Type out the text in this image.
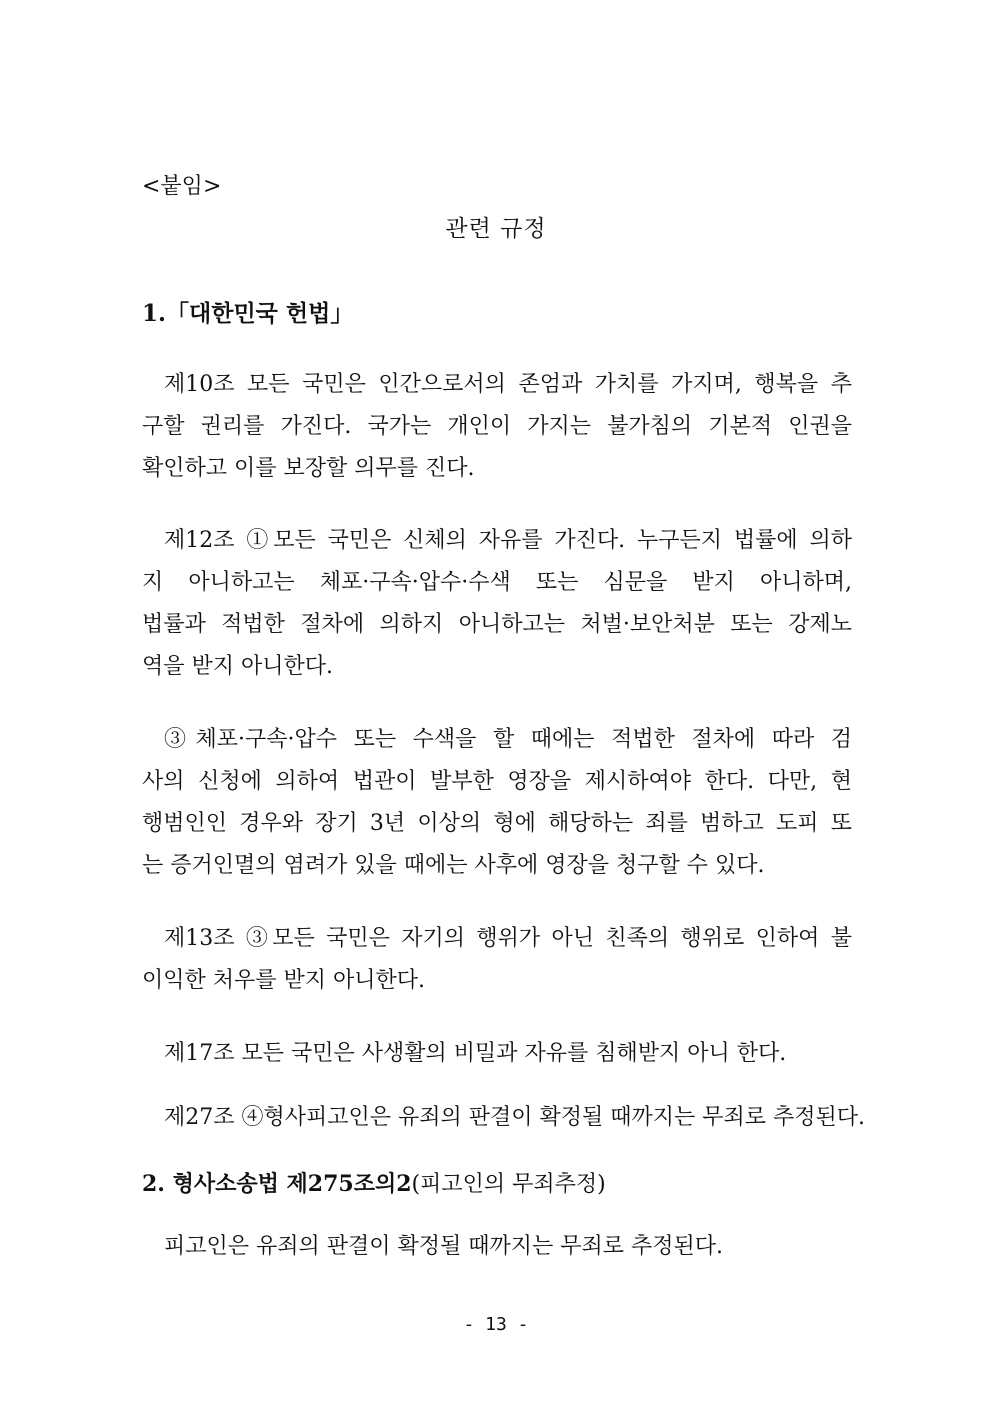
<붙임>
관련 규정
1.「대한민국 헌법」
제10조 모든 국민은 인간으로서의 존엄과 가치를 가지며, 행복을 추
구할 권리를 가진다. 국가는 개인이 가지는 불가침의 기본적 인권을
확인하고 이를 보장할 의무를 진다.
제12조 ①모든 국민은 신체의 자유를 가진다. 누구든지 법률에 의하
지 아니하고는 체포·구속·압수·수색 또는 심문을 받지 아니하며,
법률과 적법한 절차에 의하지 아니하고는 처벌·보안처분 또는 강제노
역을 받지 아니한다.
③체포·구속·압수 또는 수색을 할 때에는 적법한 절차에 따라 검
사의 신청에 의하여 법관이 발부한 영장을 제시하여야 한다. 다만, 현
행범인인 경우와 장기 3년 이상의 형에 해당하는 죄를 범하고 도피 또
는 증거인멸의 염려가 있을 때에는 사후에 영장을 청구할 수 있다.
제13조 ③모든 국민은 자기의 행위가 아닌 친족의 행위로 인하여 불
이익한 처우를 받지 아니한다.
제17조 모든 국민은 사생활의 비밀과 자유를 침해받지 아니 한다.
제27조 ④형사피고인은 유죄의 판결이 확정될 때까지는 무죄로 추정된다.
2. 형사소송법 제275조의2(피고인의 무죄추정)
피고인은 유죄의 판결이 확정될 때까지는 무죄로 추정된다.
- 13 -
